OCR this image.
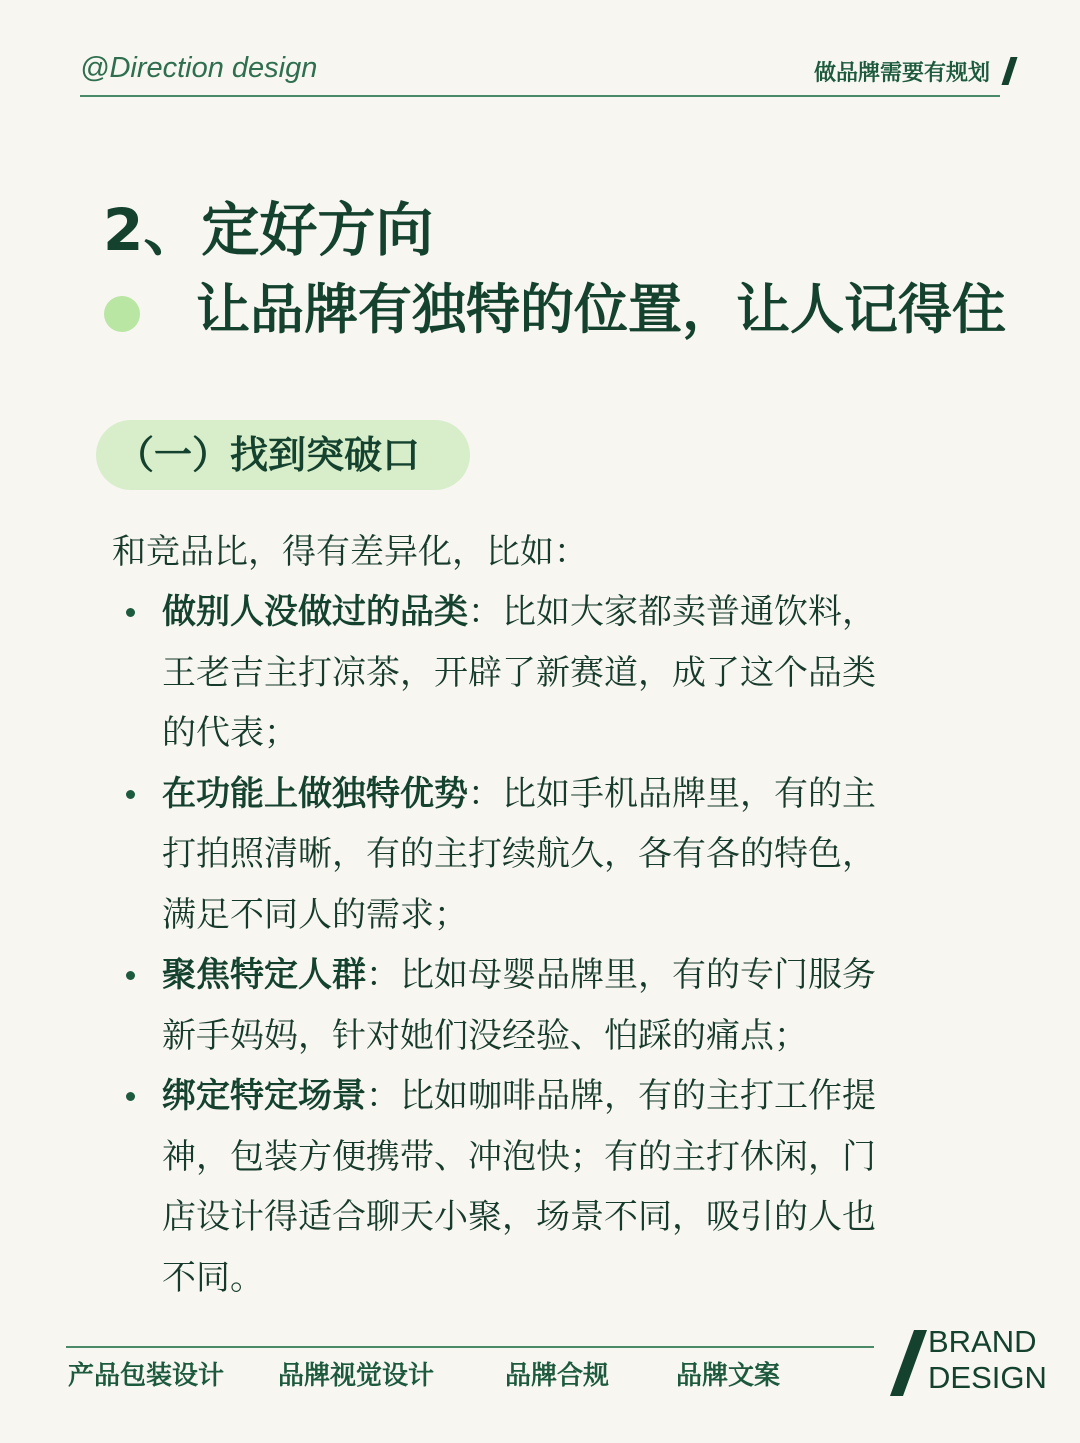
@Direction design	做品牌需要有规划
2、定好方向
让品牌有独特的位置，让人记得住
（一）找到突破口
和竞品比，得有差异化，比如：
做别人没做过的品类：比如大家都卖普通饮料，
王老吉主打凉茶，开辟了新赛道，成了这个品类
的代表；
在功能上做独特优势：比如手机品牌里，有的主
打拍照清晰，有的主打续航久，各有各的特色，
满足不同人的需求；
聚焦特定人群：比如母婴品牌里，有的专门服务
新手妈妈，针对她们没经验、怕踩的痛点；
绑定特定场景：比如咖啡品牌，有的主打工作提
神，包装方便携带、冲泡快；有的主打休闲，门
店设计得适合聊天小聚，场景不同，吸引的人也
不同。
产品包装设计 品牌视觉设计	品牌合规	品牌文案
BRAND
DESIGN
